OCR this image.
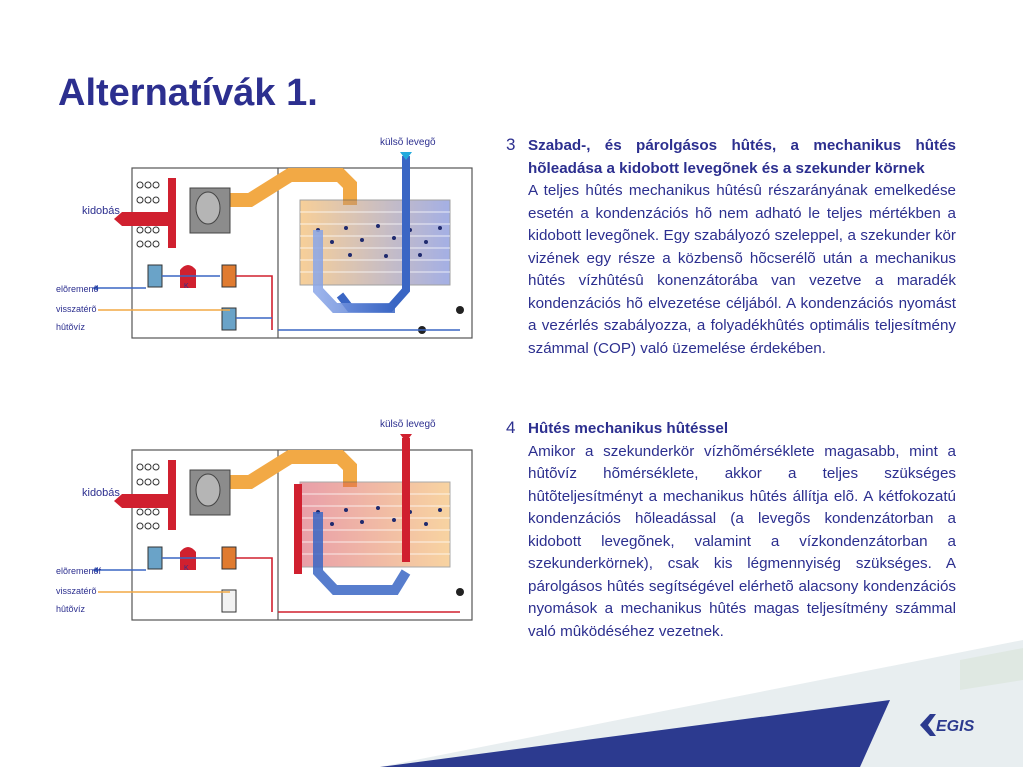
Alternatívák 1.
K
külsõ levegõ
kidobás
elõremenõ
visszatérõ
hûtõvíz
K
külsõ levegõ
kidobás
elõremenõf
visszatérõ
hûtõvíz
3 Szabad-, és párolgásos hûtés, a mechanikus hûtés hõleadása a kidobott levegõnek és a szekunder körnek
A teljes hûtés mechanikus hûtésû részarányának emelkedése esetén a kondenzációs hõ nem adható le teljes mértékben a kidobott levegõnek. Egy szabályozó szeleppel, a szekunder kör vizének egy része a közbensõ hõcserélõ után a mechanikus hûtés vízhûtésû konenzátorába van vezetve a maradék kondenzációs hõ elvezetése céljából. A kondenzációs nyomást a vezérlés szabályozza, a folyadékhûtés optimális teljesítmény számmal (COP) való üzemelése érdekében.
4 Hûtés mechanikus hûtéssel
Amikor a szekunderkör vízhõmérséklete magasabb, mint a hûtõvíz hõmérséklete, akkor a teljes szükséges hûtõteljesítményt a mechanikus hûtés állítja elõ. A kétfokozatú kondenzációs hõleadással (a levegõs kondenzátorban a kidobott levegõnek, valamint a vízkondenzátorban a szekunderkörnek), csak kis légmennyiség szükséges. A párolgásos hûtés segítségével elérhetõ alacsony kondenzációs nyomások a mechanikus hûtés magas teljesítmény számmal való mûködéséhez vezetnek.
EGIS
